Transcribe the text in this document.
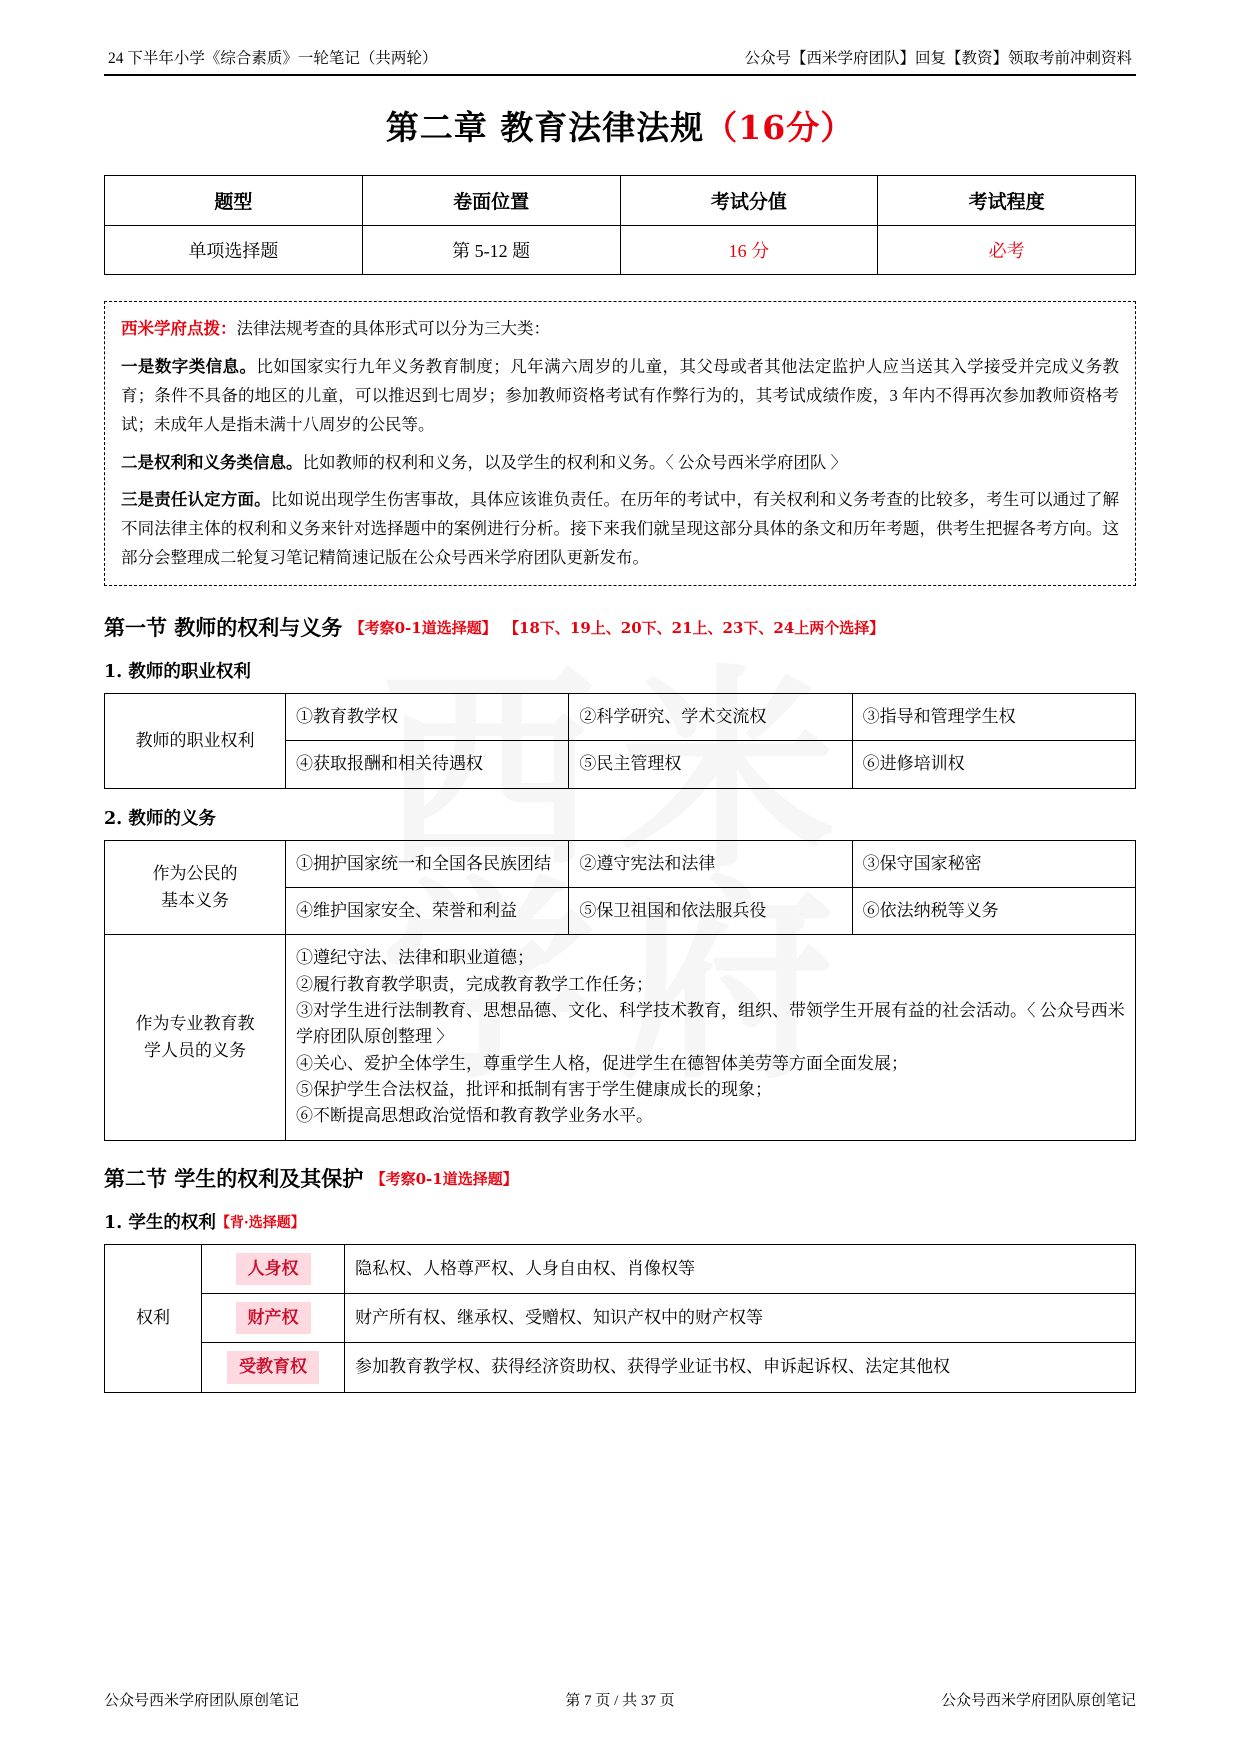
24 下半年小学《综合素质》一轮笔记（共两轮）	公众号【西米学府团队】回复【教资】领取考前冲刺资料
第二章 教育法律法规（16分）
题型	卷面位置	考试分值	考试程度
单项选择题	第 5-12 题	16 分	必考

西米学府点拨：法律法规考查的具体形式可以分为三大类：

一是数字类信息。比如国家实行九年义务教育制度；凡年满六周岁的儿童，其父母或者其他法定监护人应当送其入学接受并完成义务教育；条件不具备的地区的儿童，可以推迟到七周岁；参加教师资格考试有作弊行为的，其考试成绩作废，3 年内不得再次参加教师资格考试；未成年人是指未满十八周岁的公民等。

二是权利和义务类信息。比如教师的权利和义务，以及学生的权利和义务。〈 公众号西米学府团队 〉

三是责任认定方面。比如说出现学生伤害事故，具体应该谁负责任。在历年的考试中，有关权利和义务考查的比较多，考生可以通过了解不同法律主体的权利和义务来针对选择题中的案例进行分析。接下来我们就呈现这部分具体的条文和历年考题，供考生把握各考方向。这部分会整理成二轮复习笔记精简速记版在公众号西米学府团队更新发布。

第一节 教师的权利与义务 【考察0-1道选择题】 【18下、19上、20下、21上、23下、24上两个选择】
1. 教师的职业权利
教师的职业权利	①教育教学权	②科学研究、学术交流权	③指导和管理学生权
	④获取报酬和相关待遇权	⑤民主管理权	⑥进修培训权
2. 教师的义务
作为公民的
基本义务	①拥护国家统一和全国各民族团结	②遵守宪法和法律	③保守国家秘密
	④维护国家安全、荣誉和利益	⑤保卫祖国和依法服兵役	⑥依法纳税等义务

作为专业教育教
学人员的义务

①遵纪守法、法律和职业道德；
②履行教育教学职责，完成教育教学工作任务；
③对学生进行法制教育、思想品德、文化、科学技术教育，组织、带领学生开展有益的社会活动。〈 公众号西米学府团队原创整理 〉
④关心、爱护全体学生，尊重学生人格，促进学生在德智体美劳等方面全面发展；
⑤保护学生合法权益，批评和抵制有害于学生健康成长的现象；
⑥不断提高思想政治觉悟和教育教学业务水平。
第二节 学生的权利及其保护 【考察0-1道选择题】
1. 学生的权利【背·选择题】
权利	人身权	隐私权、人格尊严权、人身自由权、肖像权等
	财产权	财产所有权、继承权、受赠权、知识产权中的财产权等
	受教育权	参加教育教学权、获得经济资助权、获得学业证书权、申诉起诉权、法定其他权
公众号西米学府团队原创笔记	第 7 页 / 共 37 页	公众号西米学府团队原创笔记
